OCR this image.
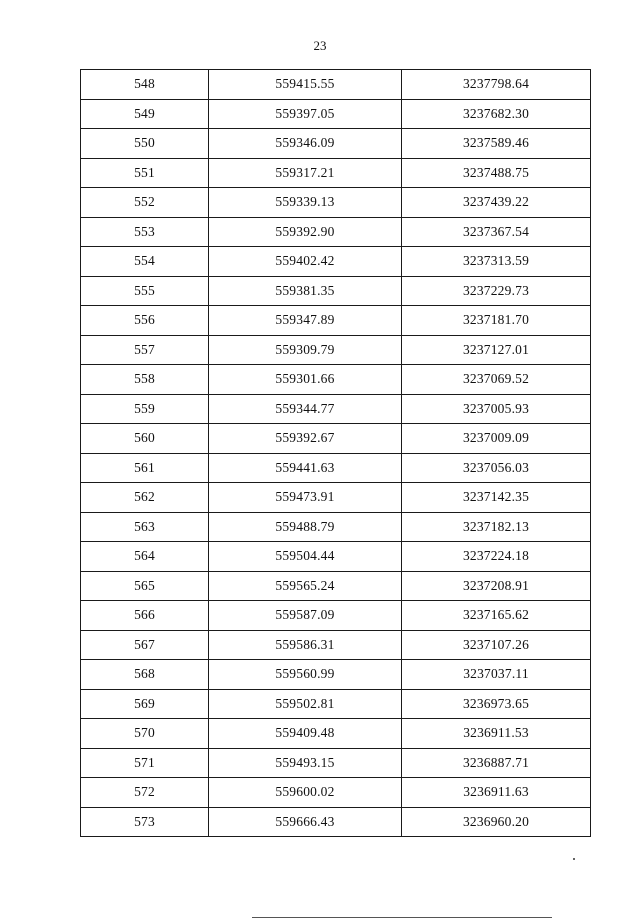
23
548	559415.55	3237798.64
549	559397.05	3237682.30
550	559346.09	3237589.46
551	559317.21	3237488.75
552	559339.13	3237439.22
553	559392.90	3237367.54
554	559402.42	3237313.59
555	559381.35	3237229.73
556	559347.89	3237181.70
557	559309.79	3237127.01
558	559301.66	3237069.52
559	559344.77	3237005.93
560	559392.67	3237009.09
561	559441.63	3237056.03
562	559473.91	3237142.35
563	559488.79	3237182.13
564	559504.44	3237224.18
565	559565.24	3237208.91
566	559587.09	3237165.62
567	559586.31	3237107.26
568	559560.99	3237037.11
569	559502.81	3236973.65
570	559409.48	3236911.53
571	559493.15	3236887.71
572	559600.02	3236911.63
573	559666.43	3236960.20
